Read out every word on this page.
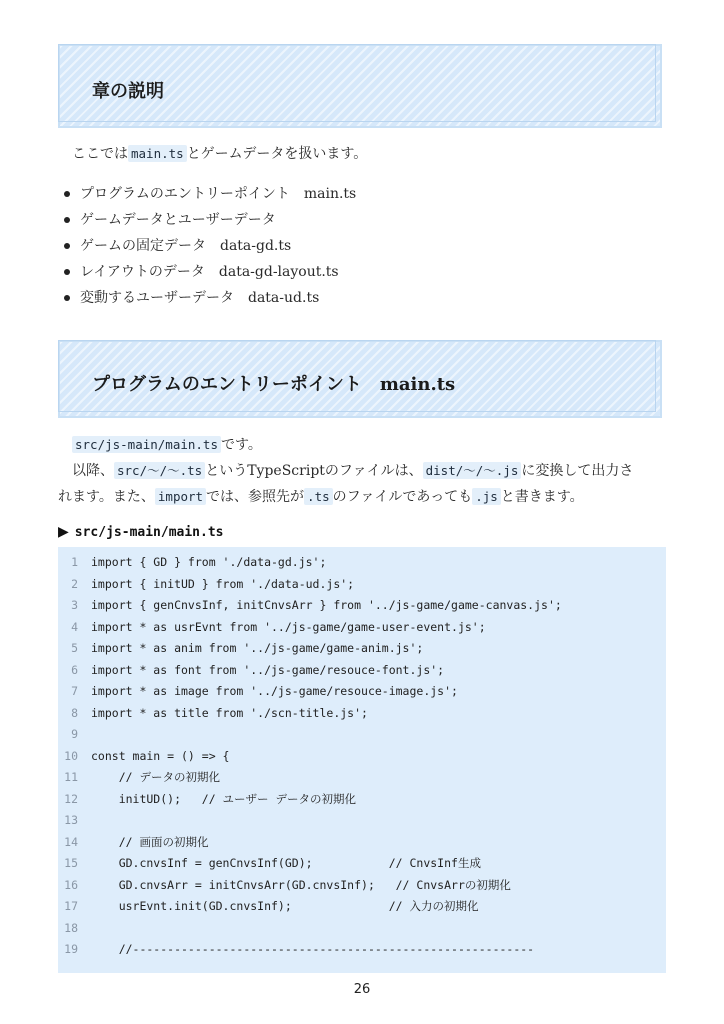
章の説明
ここでは main.ts とゲームデータを扱います。
プログラムのエントリーポイント　main.ts
ゲームデータとユーザーデータ
ゲームの固定データ　data-gd.ts
レイアウトのデータ　data-gd-layout.ts
変動するユーザーデータ　data-ud.ts
プログラムのエントリーポイント　main.ts
src/js-main/main.ts です。
以降、 src/～/～.ts というTypeScriptのファイルは、 dist/～/～.js に変換して出力さ
れます。また、 import では、参照先が .ts のファイルであっても .js と書きます。
▶ src/js-main/main.ts
1 import { GD } from './data-gd.js';
2 import { initUD } from './data-ud.js';
3 import { genCnvsInf, initCnvsArr } from '../js-game/game-canvas.js';
4 import * as usrEvnt from '../js-game/game-user-event.js';
5 import * as anim from '../js-game/game-anim.js';
6 import * as font from '../js-game/resouce-font.js';
7 import * as image from '../js-game/resouce-image.js';
8 import * as title from './scn-title.js';
9
10 const main = () => {
11    // データの初期化
12    initUD();   // ユーザー データの初期化
13
14    // 画面の初期化
15    GD.cnvsInf = genCnvsInf(GD);           // CnvsInf生成
16    GD.cnvsArr = initCnvsArr(GD.cnvsInf);   // CnvsArrの初期化
17    usrEvnt.init(GD.cnvsInf);              // 入力の初期化
18
19    //----------------------------------------------------------
26
